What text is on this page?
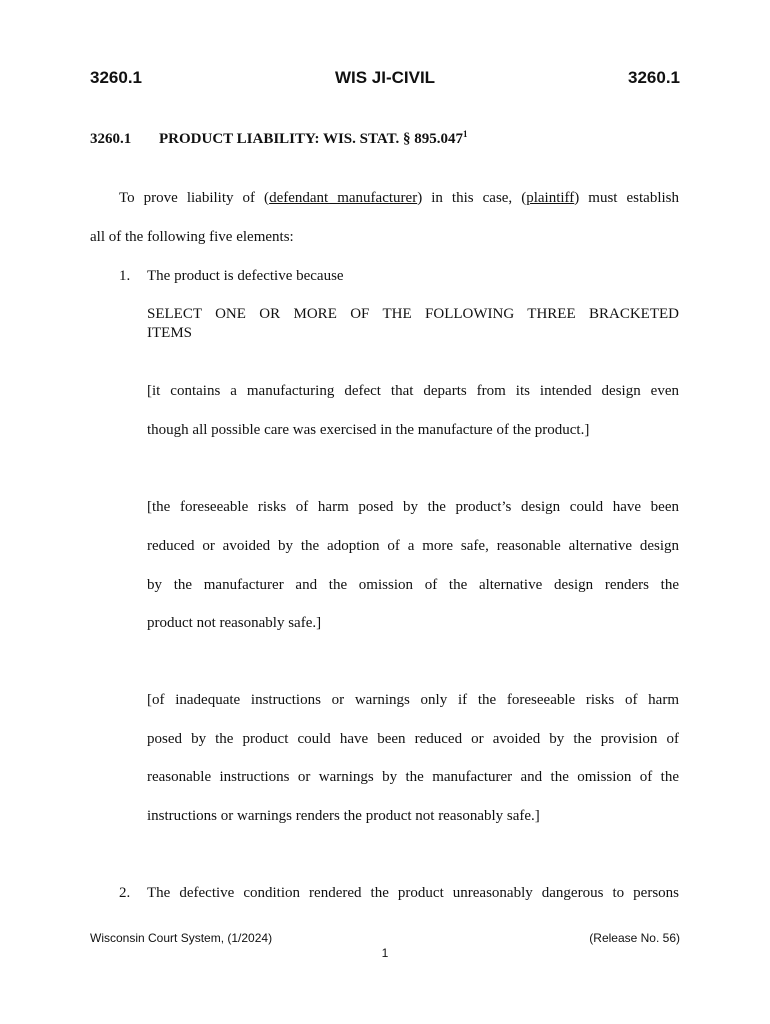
3260.1	WIS JI-CIVIL	3260.1
3260.1 PRODUCT LIABILITY: WIS. STAT. § 895.047$^1$
To prove liability of (defendant manufacturer) in this case, (plaintiff) must establish
all of the following five elements:
1. The product is defective because
SELECT ONE OR MORE OF THE FOLLOWING THREE BRACKETED
ITEMS
[it contains a manufacturing defect that departs from its intended design even
though all possible care was exercised in the manufacture of the product.]
[the foreseeable risks of harm posed by the product’s design could have been
reduced or avoided by the adoption of a more safe, reasonable alternative design
by the manufacturer and the omission of the alternative design renders the
product not reasonably safe.]
[of inadequate instructions or warnings only if the foreseeable risks of harm
posed by the product could have been reduced or avoided by the provision of
reasonable instructions or warnings by the manufacturer and the omission of the
instructions or warnings renders the product not reasonably safe.]
2. The defective condition rendered the product unreasonably dangerous to persons
Wisconsin Court System, (1/2024)	(Release No. 56)
1
